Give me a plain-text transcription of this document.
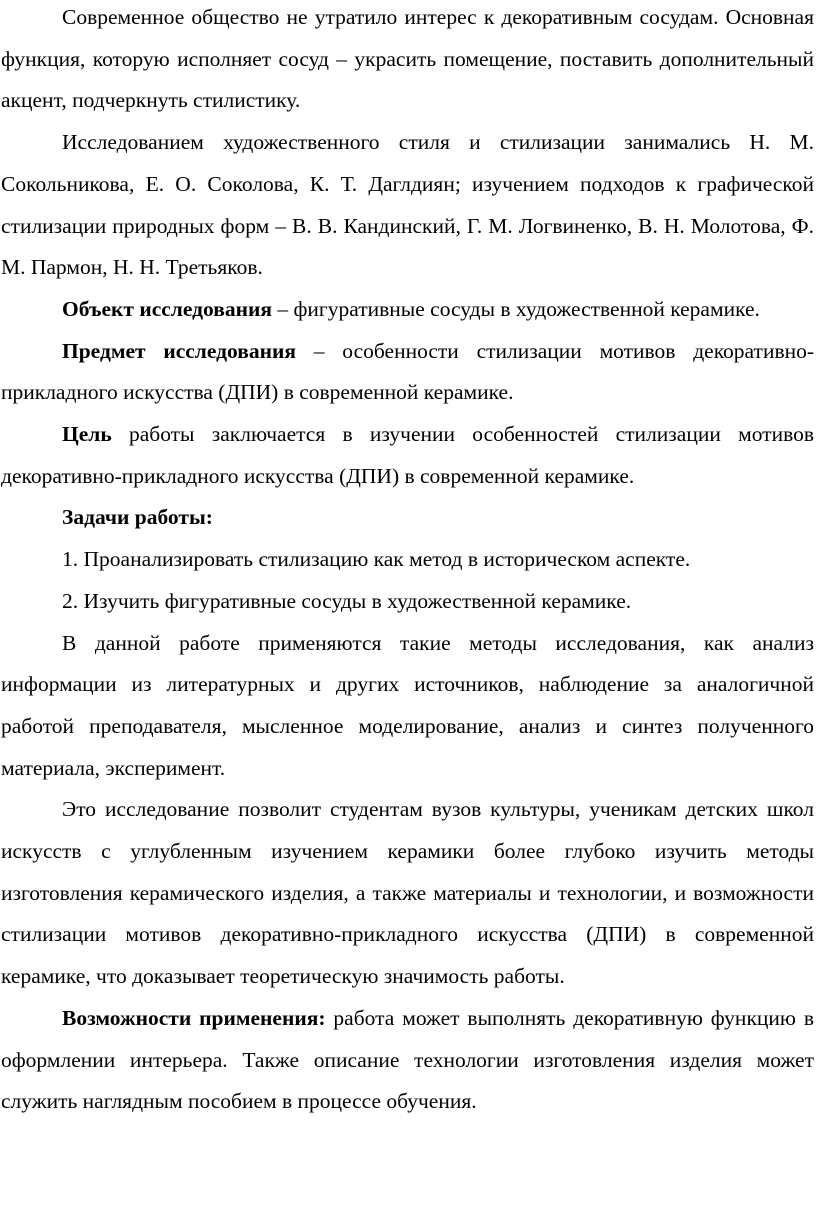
Современное общество не утратило интерес к декоративным сосудам. Основная функция, которую исполняет сосуд – украсить помещение, поставить дополнительный акцент, подчеркнуть стилистику.

Исследованием художественного стиля и стилизации занимались Н. М. Сокольникова, Е. О. Соколова, К. Т. Даглдиян; изучением подходов к графической стилизации природных форм – В. В. Кандинский, Г. М. Логвиненко, В. Н. Молотова, Ф. М. Пармон, Н. Н. Третьяков.

Объект исследования – фигуративные сосуды в художественной керамике.

Предмет исследования – особенности стилизации мотивов декоративно-прикладного искусства (ДПИ) в современной керамике.

Цель работы заключается в изучении особенностей стилизации мотивов декоративно-прикладного искусства (ДПИ) в современной керамике.

Задачи работы:

1. Проанализировать стилизацию как метод в историческом аспекте.

2. Изучить фигуративные сосуды в художественной керамике.

В данной работе применяются такие методы исследования, как анализ информации из литературных и других источников, наблюдение за аналогичной работой преподавателя, мысленное моделирование, анализ и синтез полученного материала, эксперимент.

Это исследование позволит студентам вузов культуры, ученикам детских школ искусств с углубленным изучением керамики более глубоко изучить методы изготовления керамического изделия, а также материалы и технологии, и возможности стилизации мотивов декоративно-прикладного искусства (ДПИ) в современной керамике, что доказывает теоретическую значимость работы.

Возможности применения: работа может выполнять декоративную функцию в оформлении интерьера. Также описание технологии изготовления изделия может служить наглядным пособием в процессе обучения.
